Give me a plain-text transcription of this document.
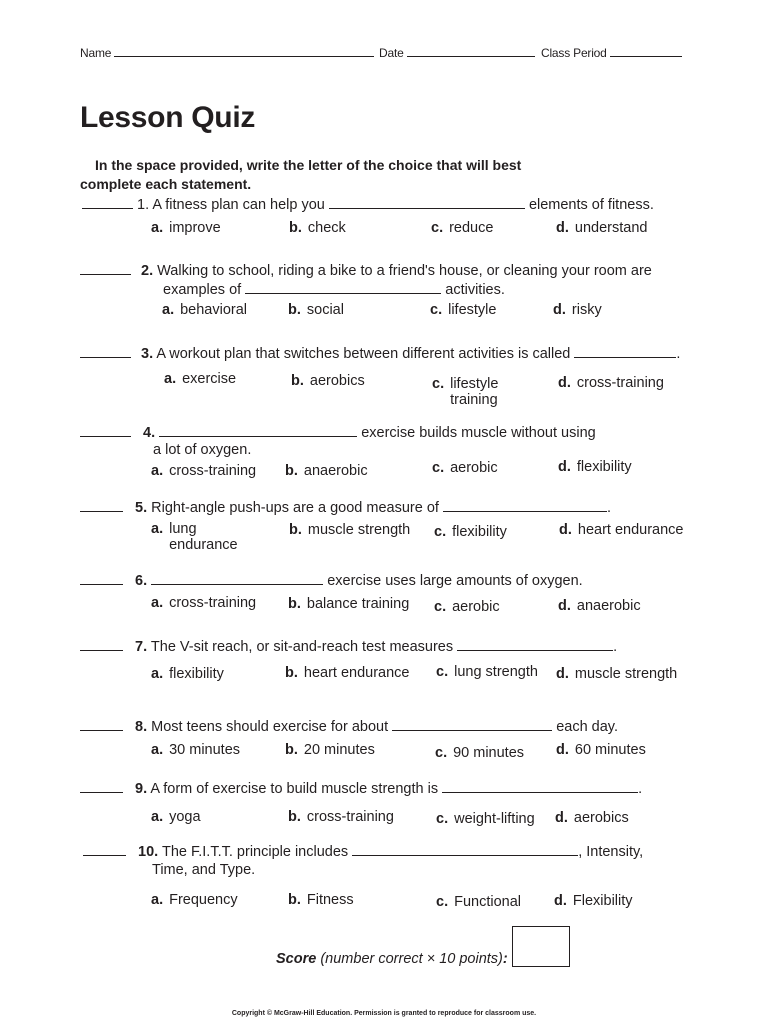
Name	Date	Class Period
Lesson Quiz
In the space provided, write the letter of the choice that will best
complete each statement.
1. A fitness plan can help you	elements of fitness.
a. improve	b. check	c. reduce	d. understand
2. Walking to school, riding a bike to a friend's house, or cleaning your room are
examples of	activities.
a. behavioral	b. social	c. lifestyle	d. risky
3. A workout plan that switches between different activities is called	.
a. exercise	b. aerobics	c. lifestyle training
d. cross-training
4.	exercise builds muscle without using
a lot of oxygen.
a. cross-training b. anaerobic	c. aerobic	d. flexibility
5. Right-angle push-ups are a good measure of	.
a. lung endurance
b. muscle strength c. flexibility	d. heart endurance
6.	exercise uses large amounts of oxygen.
a. cross-training b. balance training c. aerobic	d. anaerobic
7. The V-sit reach, or sit-and-reach test measures	.
a. flexibility	b. heart endurance c. lung strength d. muscle strength
8. Most teens should exercise for about	each day.
a. 30 minutes	b. 20 minutes	c. 90 minutes d. 60 minutes
9. A form of exercise to build muscle strength is	.
a. yoga	b. cross-training	c. weight-lifting d. aerobics
10. The F.I.T.T. principle includes	, Intensity,
Time, and Type.
a. Frequency	b. Fitness	c. Functional d. Flexibility
Score (number correct × 10 points):
Copyright © McGraw-Hill Education. Permission is granted to reproduce for classroom use.
